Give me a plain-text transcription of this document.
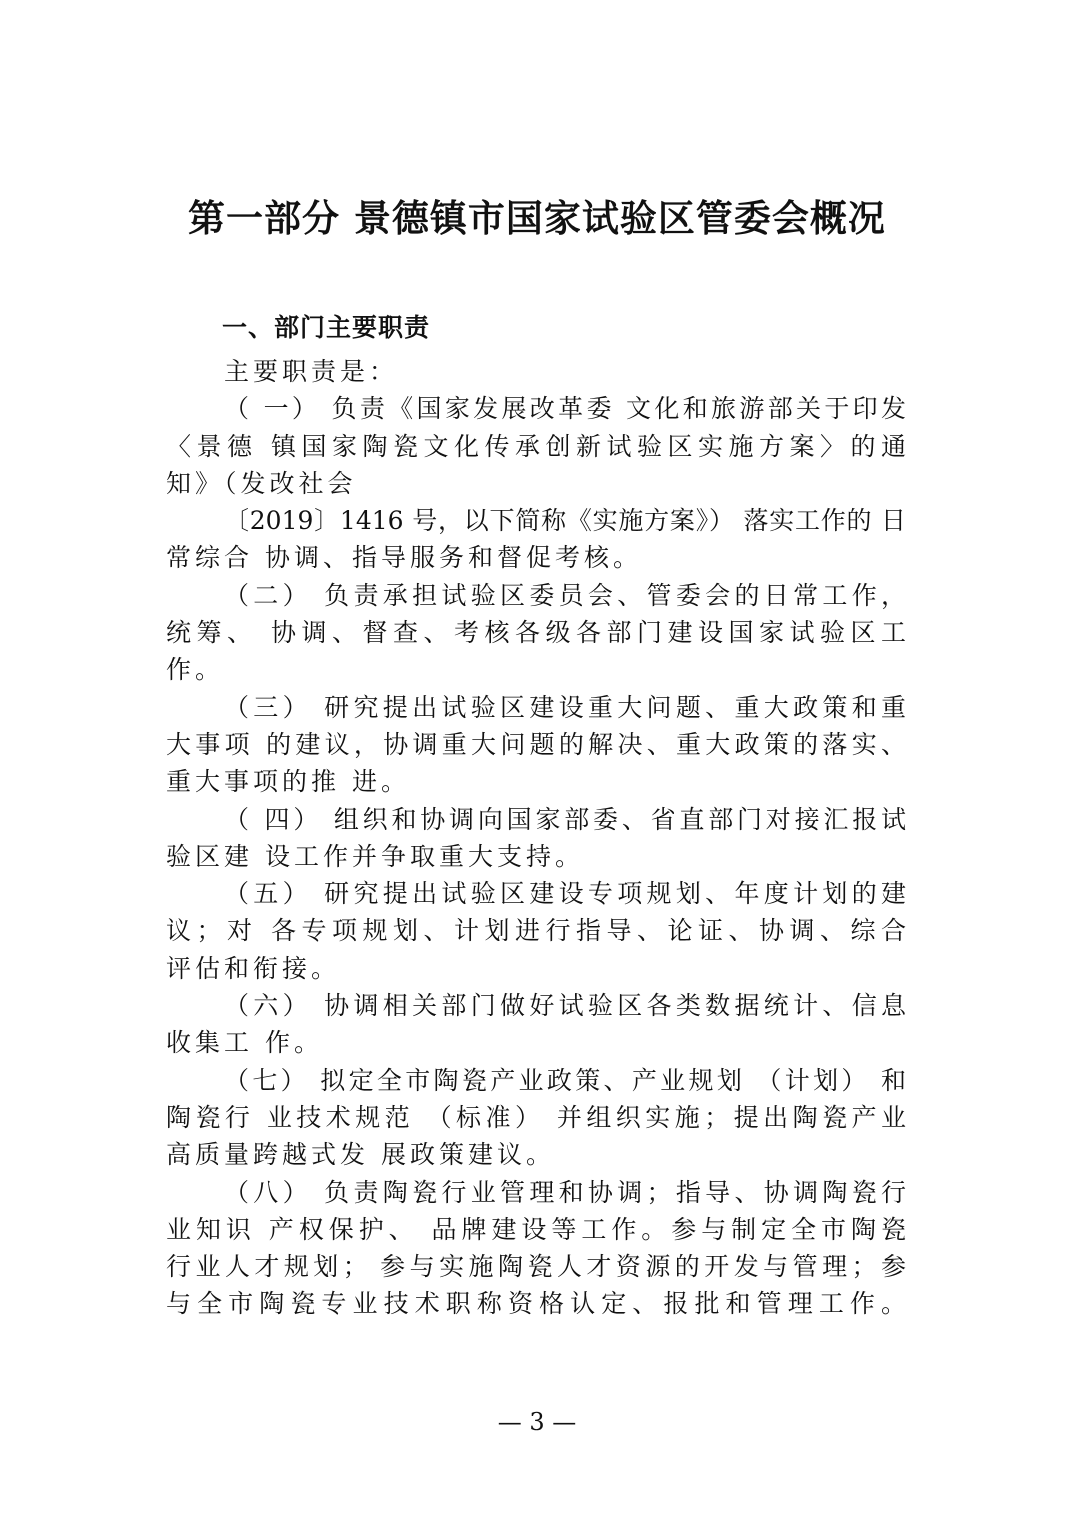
第一部分 景德镇市国家试验区管委会概况
一、部门主要职责
主要职责是：
（ 一） 负责《国家发展改革委 文化和旅游部关于印发
〈景德 镇国家陶瓷文化传承创新试验区实施方案〉的通
知》（发改社会
〔2019〕1416 号，以下简称《实施方案》） 落实工作的 日
常综合 协调、指导服务和督促考核。
（二） 负责承担试验区委员会、管委会的日常工作，
统筹、 协调、督查、考核各级各部门建设国家试验区工
作。
（三） 研究提出试验区建设重大问题、重大政策和重
大事项 的建议，协调重大问题的解决、重大政策的落实、
重大事项的推 进。
（ 四） 组织和协调向国家部委、省直部门对接汇报试
验区建 设工作并争取重大支持。
（五） 研究提出试验区建设专项规划、年度计划的建
议；对 各专项规划、计划进行指导、论证、协调、综合
评估和衔接。
（六） 协调相关部门做好试验区各类数据统计、信息
收集工 作。
（七） 拟定全市陶瓷产业政策、产业规划 （计划） 和
陶瓷行 业技术规范 （标准） 并组织实施；提出陶瓷产业
高质量跨越式发 展政策建议。
（八） 负责陶瓷行业管理和协调；指导、协调陶瓷行
业知识 产权保护、 品牌建设等工作。参与制定全市陶瓷
行业人才规划； 参与实施陶瓷人才资源的开发与管理；参
与全市陶瓷专业技术职称资格认定、报批和管理工作。
— 3 —
